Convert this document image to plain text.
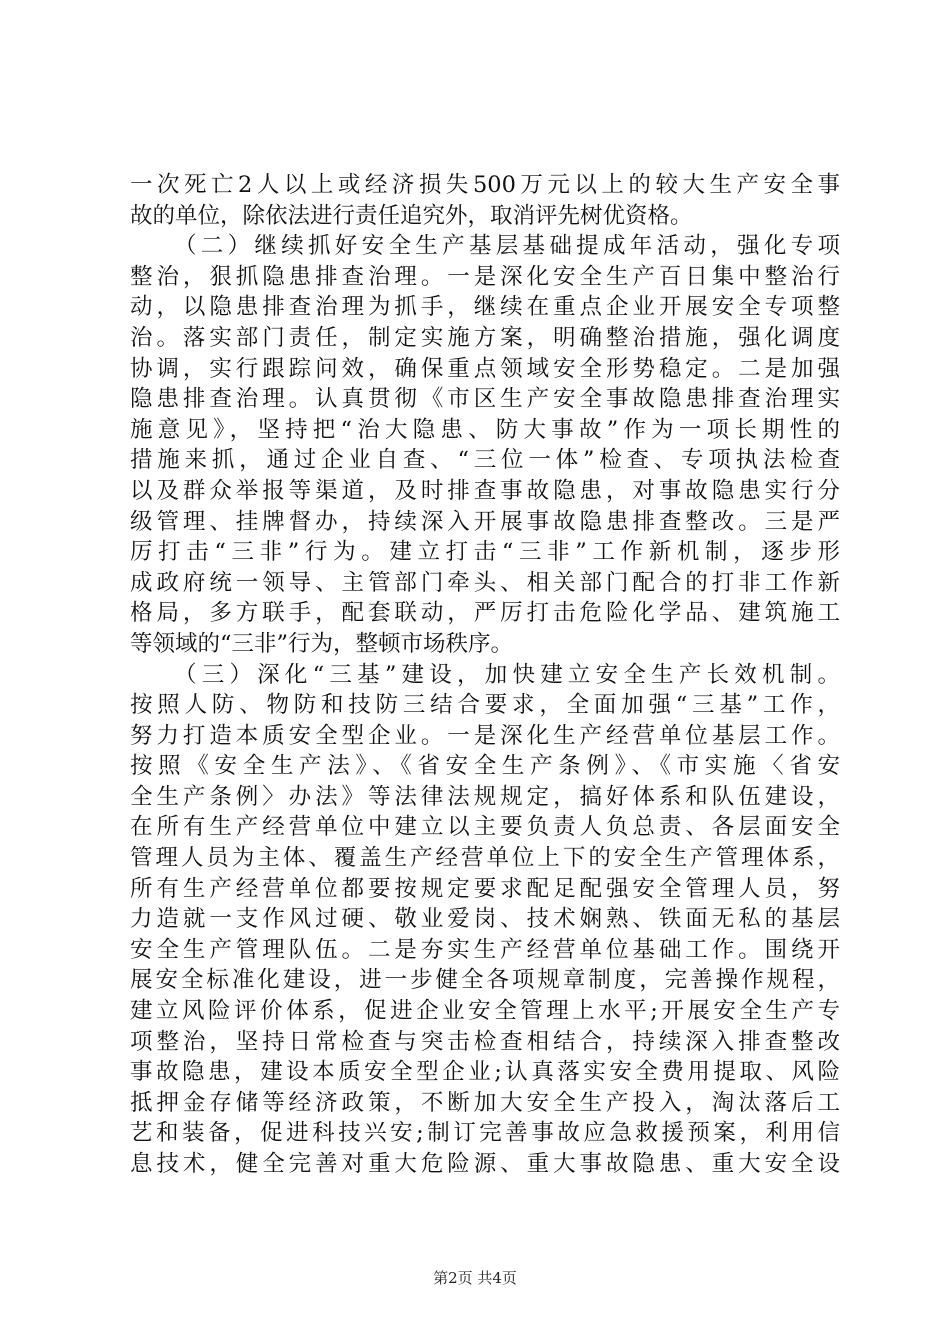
一次死亡2人以上或经济损失500万元以上的较大生产安全事
故的单位，除依法进行责任追究外，取消评先树优资格。
（二）继续抓好安全生产基层基础提成年活动，强化专项
整治，狠抓隐患排查治理。一是深化安全生产百日集中整治行
动，以隐患排查治理为抓手，继续在重点企业开展安全专项整
治。落实部门责任，制定实施方案，明确整治措施，强化调度
协调，实行跟踪问效，确保重点领域安全形势稳定。二是加强
隐患排查治理。认真贯彻《市区生产安全事故隐患排查治理实
施意见》，坚持把“治大隐患、防大事故”作为一项长期性的
措施来抓，通过企业自查、“三位一体”检查、专项执法检查
以及群众举报等渠道，及时排查事故隐患，对事故隐患实行分
级管理、挂牌督办，持续深入开展事故隐患排查整改。三是严
厉打击“三非”行为。建立打击“三非”工作新机制，逐步形
成政府统一领导、主管部门牵头、相关部门配合的打非工作新
格局，多方联手，配套联动，严厉打击危险化学品、建筑施工
等领域的“三非”行为，整顿市场秩序。
（三）深化“三基”建设，加快建立安全生产长效机制。
按照人防、物防和技防三结合要求，全面加强“三基”工作，
努力打造本质安全型企业。一是深化生产经营单位基层工作。
按照《安全生产法》、《省安全生产条例》、《市实施〈省安
全生产条例〉办法》等法律法规规定，搞好体系和队伍建设，
在所有生产经营单位中建立以主要负责人负总责、各层面安全
管理人员为主体、覆盖生产经营单位上下的安全生产管理体系，
所有生产经营单位都要按规定要求配足配强安全管理人员，努
力造就一支作风过硬、敬业爱岗、技术娴熟、铁面无私的基层
安全生产管理队伍。二是夯实生产经营单位基础工作。围绕开
展安全标准化建设，进一步健全各项规章制度，完善操作规程，
建立风险评价体系，促进企业安全管理上水平;开展安全生产专
项整治，坚持日常检查与突击检查相结合，持续深入排查整改
事故隐患，建设本质安全型企业;认真落实安全费用提取、风险
抵押金存储等经济政策，不断加大安全生产投入，淘汰落后工
艺和装备，促进科技兴安;制订完善事故应急救援预案，利用信
息技术，健全完善对重大危险源、重大事故隐患、重大安全设
第2页 共4页
